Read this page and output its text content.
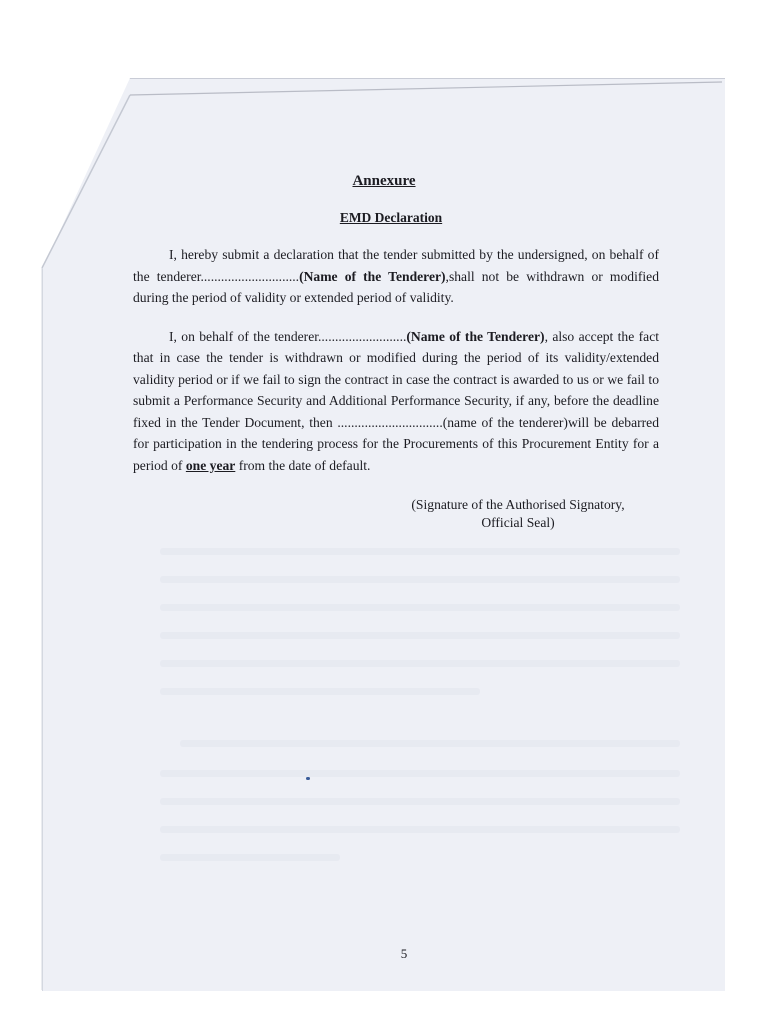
Annexure

EMD Declaration

I, hereby submit a declaration that the tender submitted by the undersigned, on behalf of the tenderer.............................(Name of the Tenderer),shall not be withdrawn or modified during the period of validity or extended period of validity.

I, on behalf of the tenderer..........................(Name of the Tenderer), also accept the fact that in case the tender is withdrawn or modified during the period of its validity/extended validity period or if we fail to sign the contract in case the contract is awarded to us or we fail to submit a Performance Security and Additional Performance Security, if any, before the deadline fixed in the Tender Document, then ...............................(name of the tenderer)will be debarred for participation in the tendering process for the Procurements of this Procurement Entity for a period of one year from the date of default.

(Signature of the Authorised Signatory,
Official Seal)
5
